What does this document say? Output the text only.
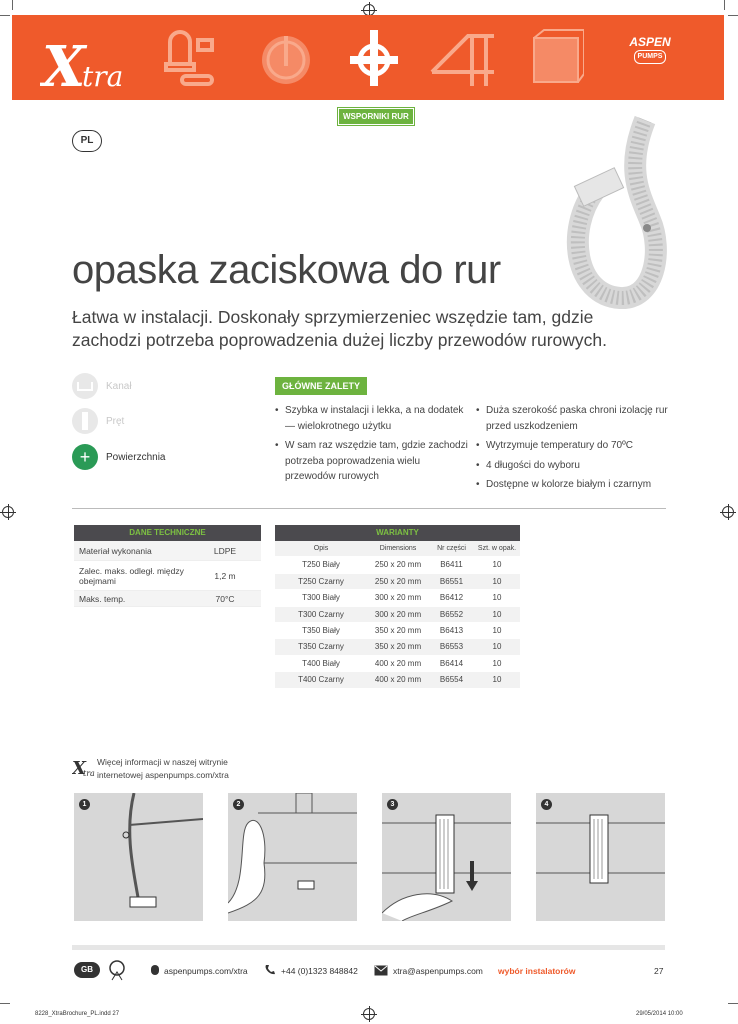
X
tra
ASPEN
PUMPS
WSPORNIKI RUR
PL
opaska zaciskowa do rur

Łatwa w instalacji. Doskonały sprzymierzeniec wszędzie tam, gdzie zachodzi potrzeba poprowadzenia dużej liczby przewodów rurowych.

Kanał
Pręt
+	Powierzchnia
GŁÓWNE ZALETY
• Szybka w instalacji i lekka, a na dodatek — wielokrotnego użytku
• W sam raz wszędzie tam, gdzie zachodzi potrzeba poprowadzenia wielu przewodów rurowych
• Duża szerokość paska chroni izolację rur przed uszkodzeniem
• Wytrzymuje temperatury do 70ºC
• 4 długości do wyboru
• Dostępne w kolorze białym i czarnym
DANE TECHNICZNE
Materiał wykonania	LDPE
Zalec. maks. odległ. między obejmami	1,2 m
Maks. temp.	70°C
WARIANTY
Opis	Dimensions	Nr części	Szt. w opak.
T250 Biały	250 x 20 mm	B6411	10
T250 Czarny	250 x 20 mm	B6551	10
T300 Biały	300 x 20 mm	B6412	10
T300 Czarny	300 x 20 mm	B6552	10
T350 Biały	350 x 20 mm	B6413	10
T350 Czarny	350 x 20 mm	B6553	10
T400 Biały	400 x 20 mm	B6414	10
T400 Czarny	400 x 20 mm	B6554	10
X
tra
Więcej informacji w naszej witrynie
internetowej aspenpumps.com/xtra
1	2	3	4
GB	aspenpumps.com/xtra	+44 (0)1323 848842	xtra@aspenpumps.com wybór instalatorów	27
8228_XtraBrochure_PL.indd 27	29/05/2014 10:00
